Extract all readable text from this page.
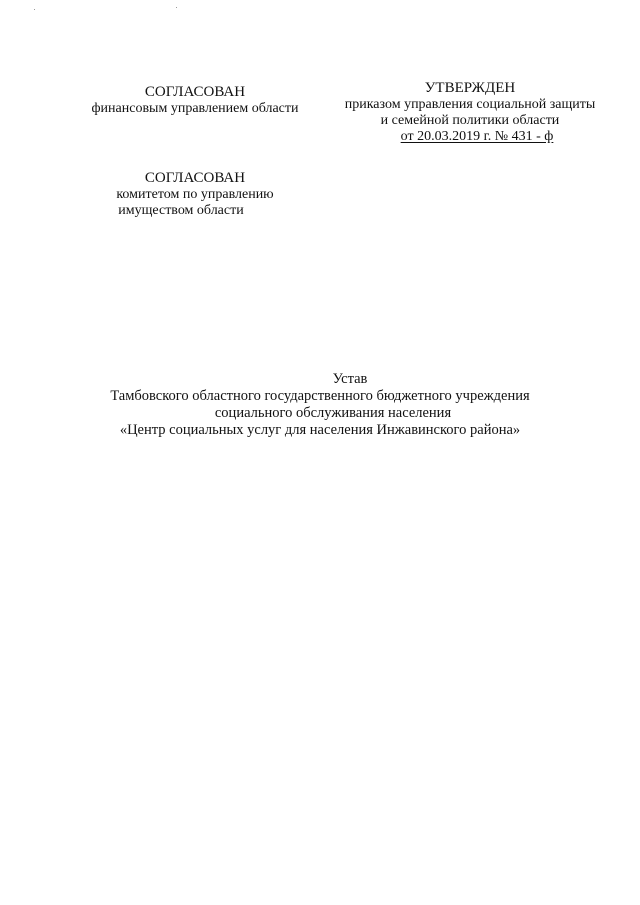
СОГЛАСОВАН
финансовым управлением области
УТВЕРЖДЕН
приказом управления социальной защиты
и семейной политики области
от 20.03.2019 г. № 431 - ф
СОГЛАСОВАН
комитетом по управлению
имуществом области
Устав
Тамбовского областного государственного бюджетного учреждения
социального обслуживания населения
«Центр социальных услуг для населения Инжавинского района»
